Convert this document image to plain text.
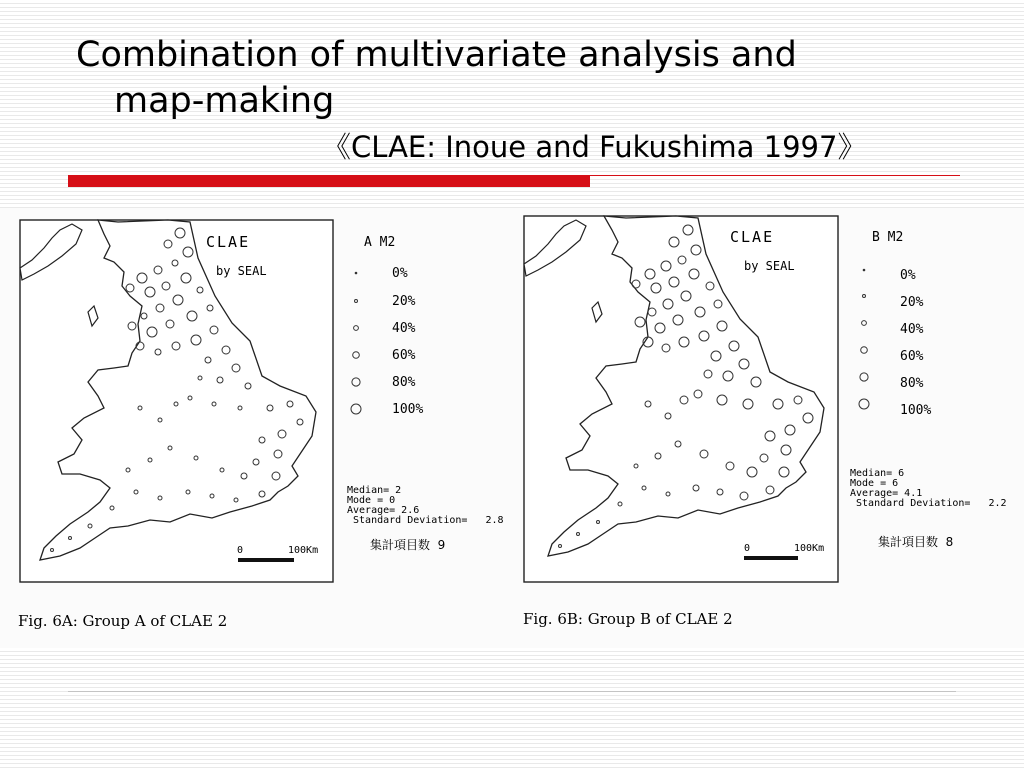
Combination of multivariate analysis and
map-making
《CLAE: Inoue and Fukushima 1997》
CLAE
by SEAL
A M2
0%
20%
40%
60%
80%
100%
Median= 2
Mode = 0
Average= 2.6
Standard Deviation=   2.8
集計項目数  9
0	100Km
Fig. 6A: Group A of CLAE 2
CLAE
by SEAL
B M2
0%
20%
40%
60%
80%
100%
Median= 6
Mode = 6
Average= 4.1
Standard Deviation=   2.2
集計項目数  8
0	100Km
Fig. 6B: Group B of CLAE 2
